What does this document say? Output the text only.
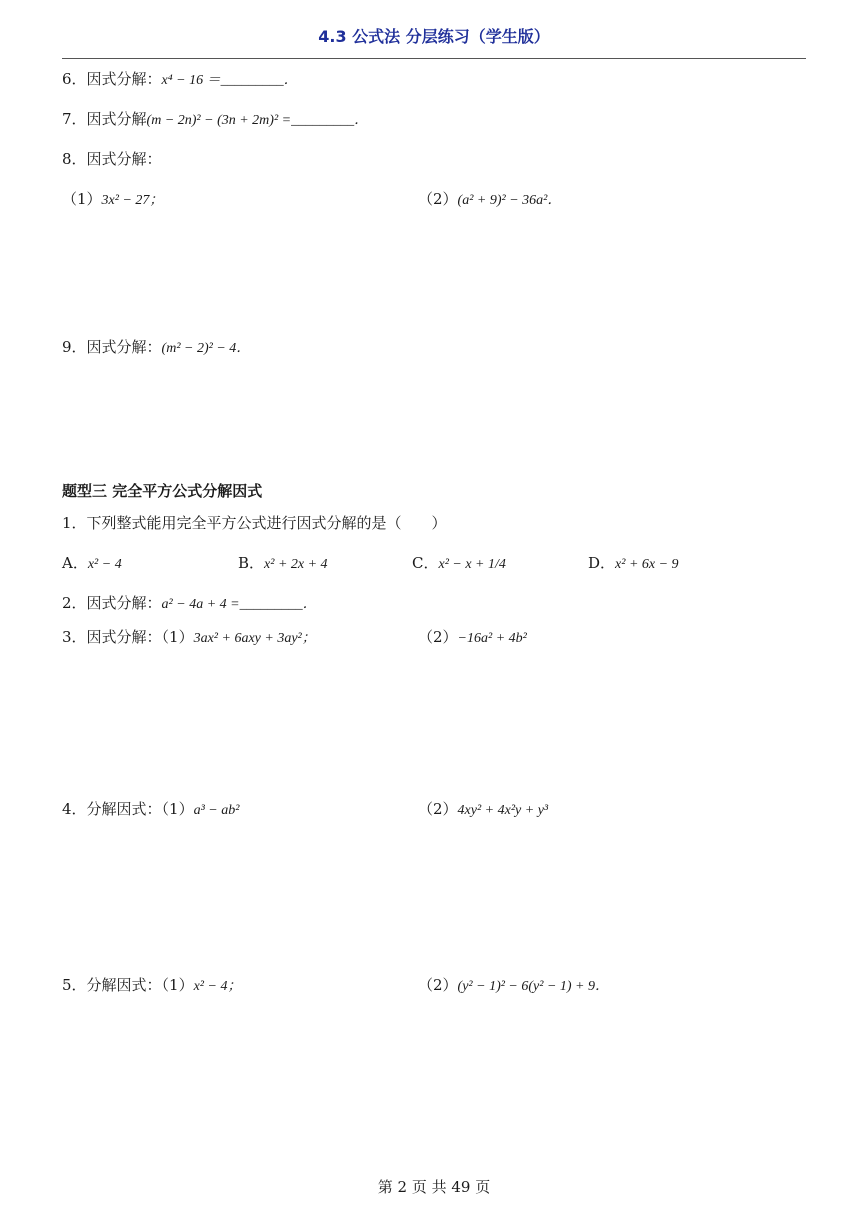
4.3 公式法 分层练习（学生版）
6．因式分解：x⁴ − 16 ＝_________．
7．因式分解(m − 2n)² − (3n + 2m)² =_________．
8．因式分解：
（1）3x² − 27；	（2）(a² + 9)² − 36a²．
9．因式分解：(m² − 2)² − 4．
题型三 完全平方公式分解因式
1．下列整式能用完全平方公式进行因式分解的是（　　）
A．x² − 4	B．x² + 2x + 4	C．x² − x + 1/4	D．x² + 6x − 9
2．因式分解：a² − 4a + 4 =_________．
3．因式分解：（1）3ax² + 6axy + 3ay²；	（2）−16a² + 4b²
4．分解因式：（1）a³ − ab²	（2）4xy² + 4x²y + y³
5．分解因式：（1）x² − 4；	（2）(y² − 1)² − 6(y² − 1) + 9．
第 2 页 共 49 页
